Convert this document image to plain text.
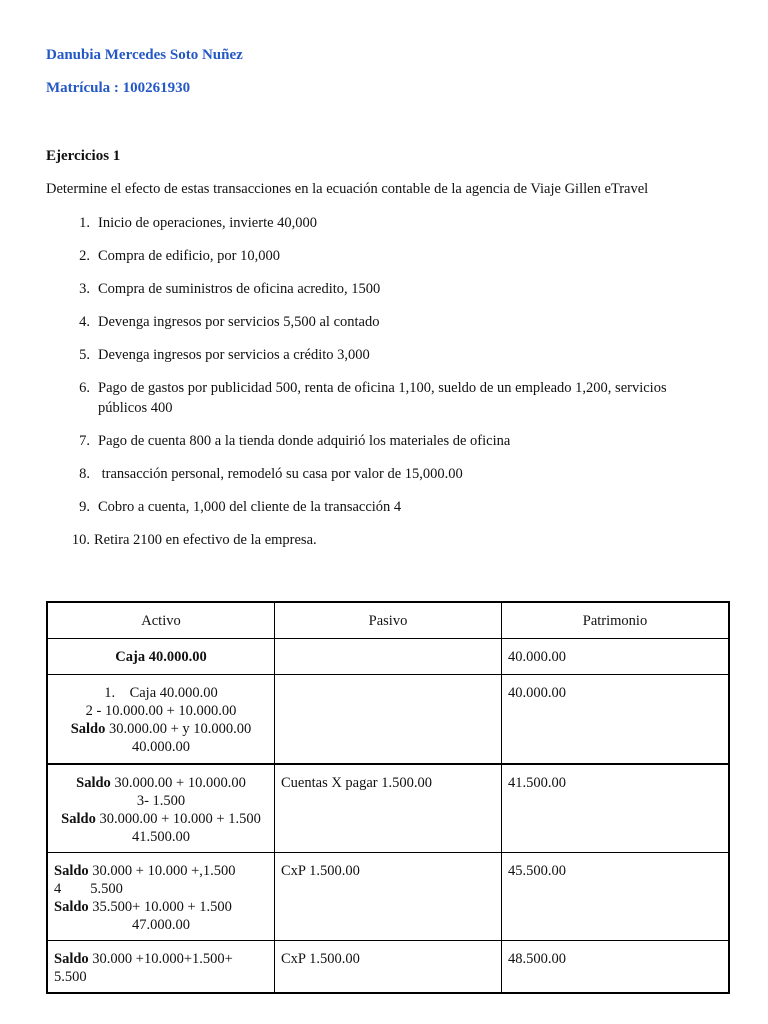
Danubia Mercedes Soto Nuñez
Matrícula : 100261930
Ejercicios 1
Determine el efecto de estas transacciones en la ecuación contable de la agencia de Viaje Gillen eTravel
1. Inicio de operaciones, invierte 40,000
2. Compra de edificio, por 10,000
3. Compra de suministros de oficina acredito, 1500
4. Devenga ingresos por servicios 5,500 al contado
5. Devenga ingresos por servicios a crédito 3,000
6. Pago de gastos por publicidad 500, renta de oficina 1,100, sueldo de un empleado 1,200, servicios
públicos 400
7. Pago de cuenta 800 a la tienda donde adquirió los materiales de oficina
8. transacción personal, remodeló su casa por valor de 15,000.00
9. Cobro a cuenta, 1,000 del cliente de la transacción 4
10. Retira 2100 en efectivo de la empresa.
Activo	Pasivo	Patrimonio
Caja 40.000.00		40.000.00

1.    Caja 40.000.00
2 - 10.000.00 + 10.000.00
Saldo 30.000.00 + y 10.000.00
40.000.00		40.000.00

Saldo 30.000.00 + 10.000.00
3- 1.500
Saldo 30.000.00 + 10.000 + 1.500
41.500.00	Cuentas X pagar 1.500.00	41.500.00

Saldo 30.000 + 10.000 +,1.500
4        5.500
Saldo 35.500+ 10.000 + 1.500
47.000.00	CxP 1.500.00	45.500.00

Saldo 30.000 +10.000+1.500+
5.500	CxP 1.500.00	48.500.00
